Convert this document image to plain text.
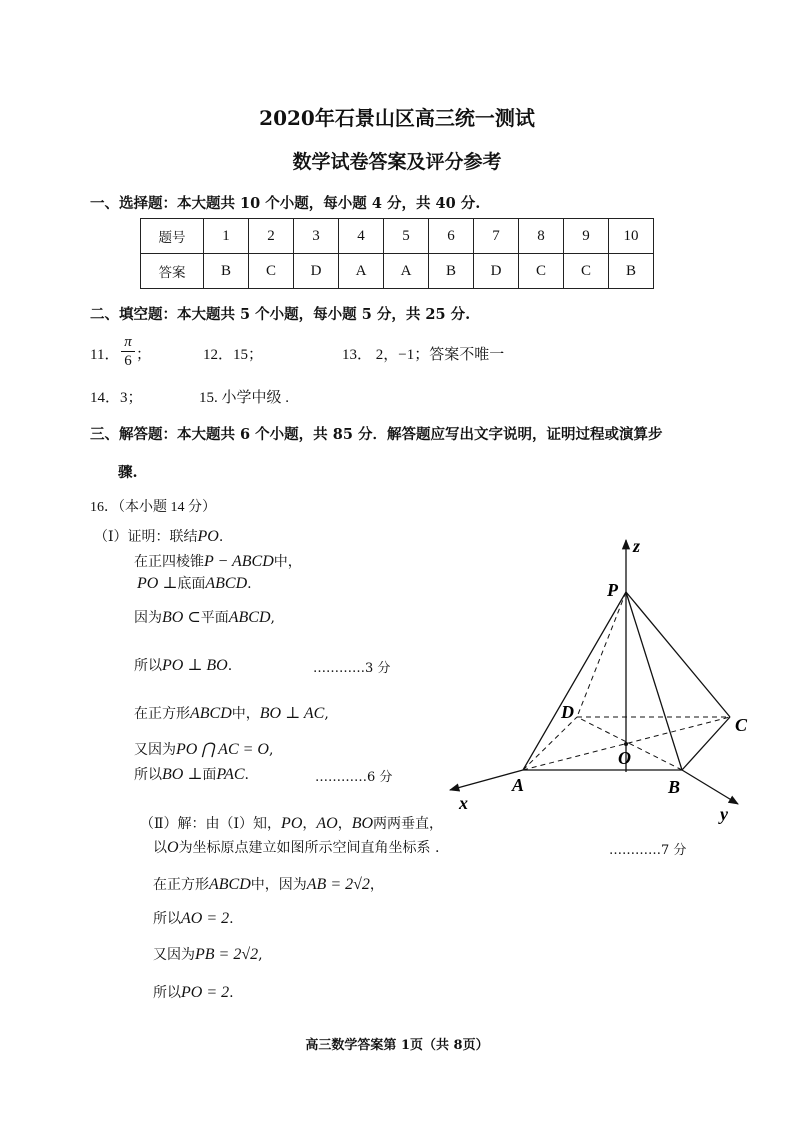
2020年石景山区高三统一测试
数学试卷答案及评分参考
一、选择题：本大题共 10 个小题，每小题 4 分，共 40 分.
题号	1	2	3	4	5	6	7	8	9	10
答案	B	C	D	A	A	B	D	C	C	B
二、填空题：本大题共 5 个小题，每小题 5 分，共 25 分.
11．
π
6 ；	12．15；	13． 2，−1；答案不唯一
14．3；	15. 小学中级 .
三、解答题：本大题共 6 个小题，共 85 分．解答题应写出文字说明，证明过程或演算步
骤.
16．（本小题 14 分）
（Ⅰ）证明：联结PO.
在正四棱锥P − ABCD中，
PO ⊥底面ABCD.
因为BO ⊂平面ABCD,
所以PO ⊥ BO.	…………3 分
在正方形ABCD中，BO ⊥ AC,
又因为PO ⋂ AC = O,
所以BO ⊥面PAC.	…………6 分
（Ⅱ）解：由（Ⅰ）知，PO，AO，BO两两垂直，
以O为坐标原点建立如图所示空间直角坐标系 .	…………7 分
在正方形ABCD中，因为AB = 2√2，
所以AO = 2.
又因为PB = 2√2,
所以PO = 2.
z
P
D
C
O
A	B
x
y
高三数学答案第 1页（共 8页）
